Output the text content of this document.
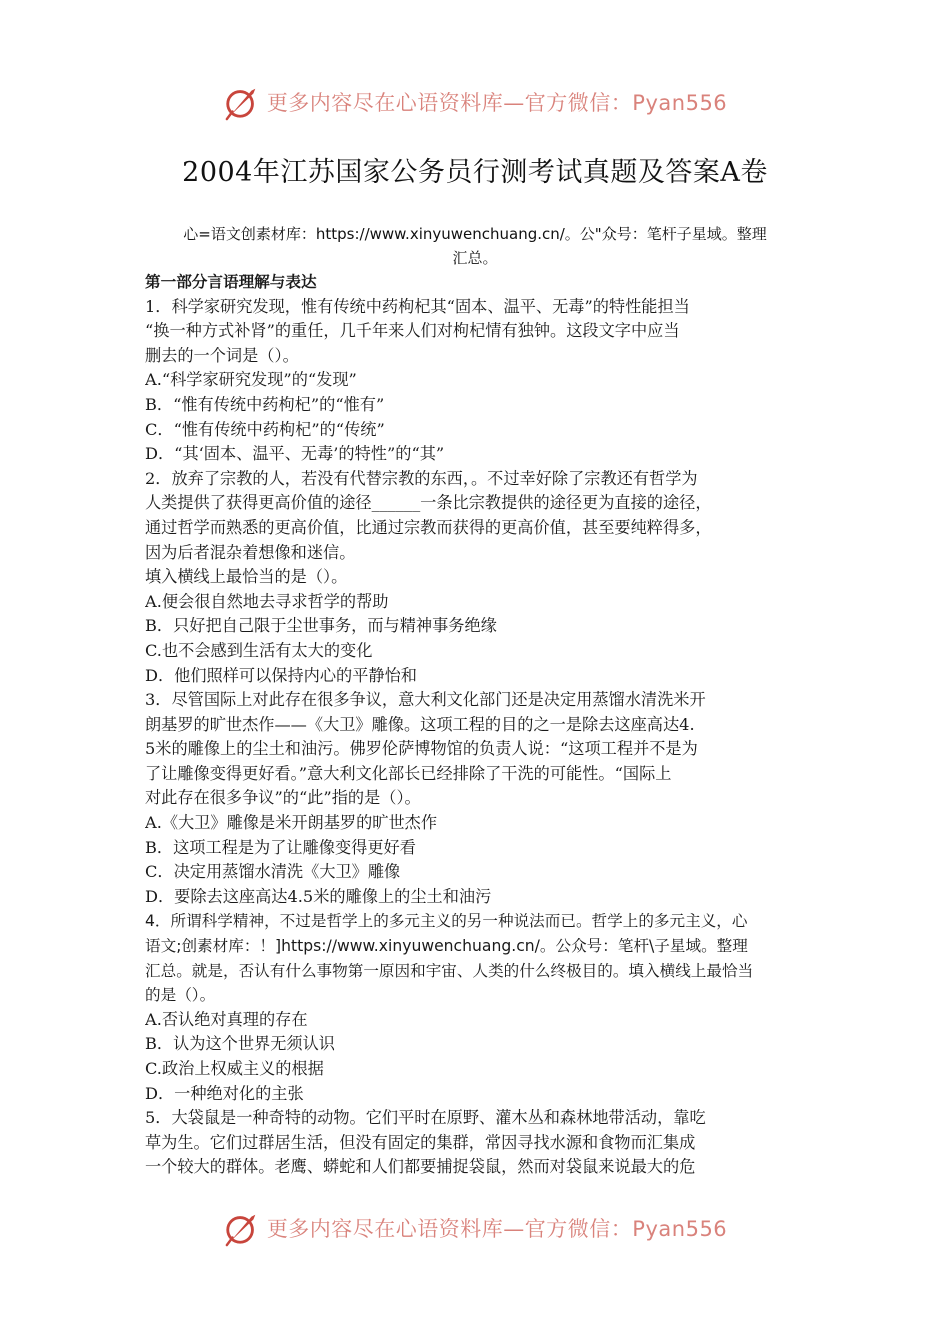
更多内容尽在心语资料库—官方微信：Pyan556
2004年江苏国家公务员行测考试真题及答案A卷
心=语文创素材库：https://www.xinyuwenchuang.cn/。公"众号：笔杆子星域。整理
汇总。
第一部分言语理解与表达
1．科学家研究发现，惟有传统中药枸杞其“固本、温平、无毒”的特性能担当
“换一种方式补肾”的重任，几千年来人们对枸杞情有独钟。这段文字中应当
删去的一个词是（）。
A.“科学家研究发现”的“发现”
B．“惟有传统中药枸杞”的“惟有”
C．“惟有传统中药枸杞”的“传统”
D．“其‘固本、温平、无毒’的特性”的“其”
2．放弃了宗教的人，若没有代替宗教的东西，。不过幸好除了宗教还有哲学为
人类提供了获得更高价值的途径______一条比宗教提供的途径更为直接的途径，
通过哲学而熟悉的更高价值，比通过宗教而获得的更高价值，甚至要纯粹得多，
因为后者混杂着想像和迷信。
填入横线上最恰当的是（）。
A.便会很自然地去寻求哲学的帮助
B．只好把自己限于尘世事务，而与精神事务绝缘
C.也不会感到生活有太大的变化
D．他们照样可以保持内心的平静怡和
3．尽管国际上对此存在很多争议，意大利文化部门还是决定用蒸馏水清洗米开
朗基罗的旷世杰作——《大卫》雕像。这项工程的目的之一是除去这座高达4.
5米的雕像上的尘土和油污。佛罗伦萨博物馆的负责人说：“这项工程并不是为
了让雕像变得更好看。”意大利文化部长已经排除了干洗的可能性。“国际上
对此存在很多争议”的“此”指的是（）。
A.《大卫》雕像是米开朗基罗的旷世杰作
B．这项工程是为了让雕像变得更好看
C．决定用蒸馏水清洗《大卫》雕像
D．要除去这座高达4.5米的雕像上的尘土和油污
4．所谓科学精神，不过是哲学上的多元主义的另一种说法而已。哲学上的多元主义，心
语文;创素材库：！]https://www.xinyuwenchuang.cn/。公众号：笔杆\子星域。整理
汇总。就是，否认有什么事物第一原因和宇宙、人类的什么终极目的。填入横线上最恰当
的是（）。
A.否认绝对真理的存在
B．认为这个世界无须认识
C.政治上权威主义的根据
D．一种绝对化的主张
5．大袋鼠是一种奇特的动物。它们平时在原野、灌木丛和森林地带活动，靠吃
草为生。它们过群居生活，但没有固定的集群，常因寻找水源和食物而汇集成
一个较大的群体。老鹰、蟒蛇和人们都要捕捉袋鼠，然而对袋鼠来说最大的危
更多内容尽在心语资料库—官方微信：Pyan556
